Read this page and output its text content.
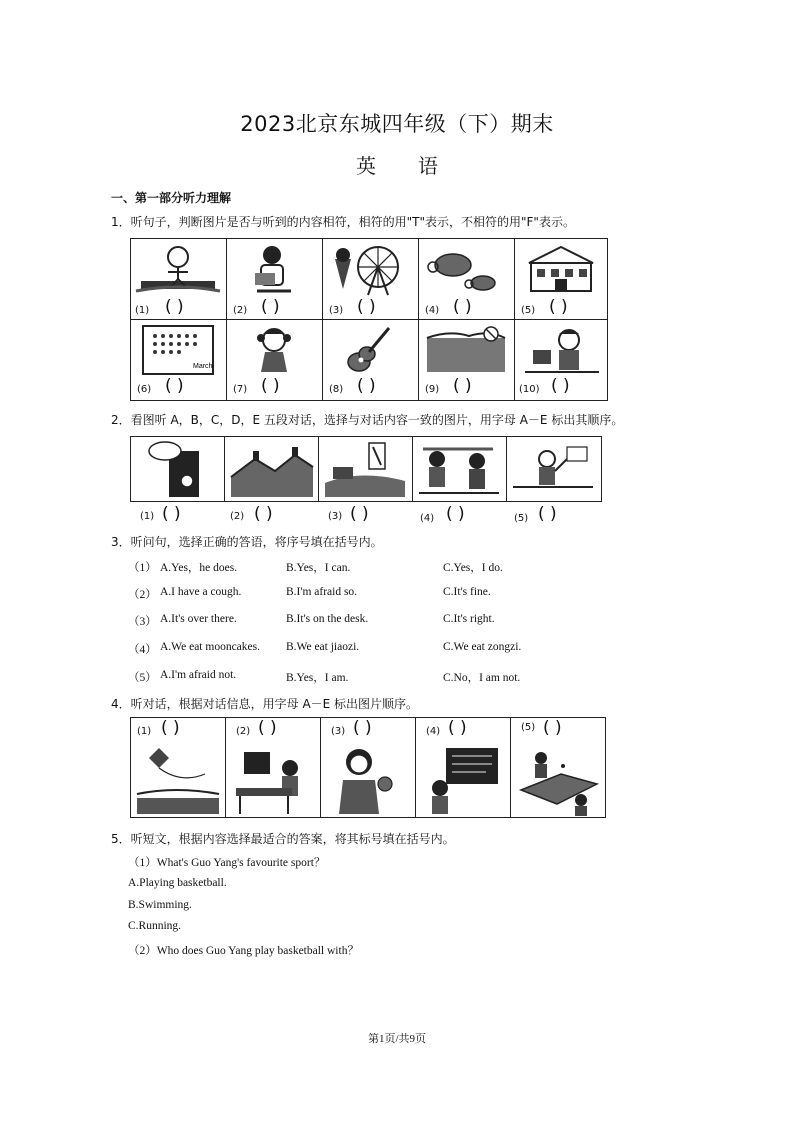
2023北京东城四年级（下）期末
英语
一、第一部分听力理解
1．听句子，判断图片是否与听到的内容相符，相符的用"T"表示，不相符的用"F"表示。
(1) ( )	(2) ( )	(3) ( )	(4) ( )	(5) ( )
March
(6) ( )	(7) ( )	(8) ( )	(9) ( )	(10) ( )
2．看图听 A，B，C，D，E 五段对话，选择与对话内容一致的图片，用字母 A－E 标出其顺序。
(1) ( )	(2) ( )	(3) ( )	(4) ( )	(5) ( )
3．听问句，选择正确的答语，将序号填在括号内。
（1） A.Yes，he does.	B.Yes，I can.	C.Yes，I do.
（2） A.I have a cough.	B.I'm afraid so.	C.It's fine.
（3） A.It's over there.	B.It's on the desk.	C.It's right.
（4） A.We eat mooncakes. B.We eat jiaozi.	C.We eat zongzi.
（5） A.I'm afraid not.	B.Yes，I am.	C.No，I am not.
4．听对话，根据对话信息，用字母 A－E 标出图片顺序。
(1) ( )	(2) ( )	(3) ( )	(4) ( )	(5) ( )
5．听短文，根据内容选择最适合的答案，将其标号填在括号内。
（1）What's Guo Yang's favourite sport？
A.Playing basketball.
B.Swimming.
C.Running.
（2）Who does Guo Yang play basketball with？
第1页/共9页
